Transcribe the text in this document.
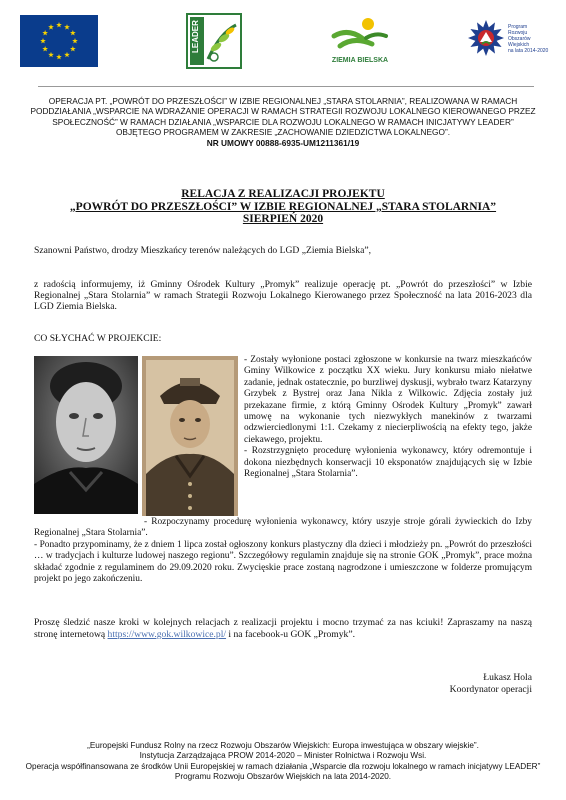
LEADER
ZIEMIA BIELSKA
Program
Rozwoju
Obszarów
Wiejskich
na lata 2014-2020
OPERACJA PT. „POWRÓT DO PRZESZŁOŚCI” W IZBIE REGIONALNEJ „STARA STOLARNIA”, REALIZOWANA W RAMACH PODDZIAŁANIA „WSPARCIE NA WDRAŻANIE OPERACJI W RAMACH STRATEGII ROZWOJU LOKALNEGO KIEROWANEGO PRZEZ SPOŁECZNOŚĆ” W RAMACH DZIAŁANIA „WSPARCIE DLA ROZWOJU LOKALNEGO W RAMACH INICJATYWY LEADER” OBJĘTEGO PROGRAMEM W ZAKRESIE „ZACHOWANIE DZIEDZICTWA LOKALNEGO”.
NR UMOWY 00888-6935-UM1211361/19
RELACJA Z REALIZACJI PROJEKTU
„POWRÓT DO PRZESZŁOŚCI” W IZBIE REGIONALNEJ „STARA STOLARNIA”
SIERPIEŃ 2020
Szanowni Państwo, drodzy Mieszkańcy terenów należących do LGD „Ziemia Bielska”,
z radością informujemy, iż Gminny Ośrodek Kultury „Promyk” realizuje operację pt. „Powrót do przeszłości” w Izbie Regionalnej „Stara Stolarnia” w ramach Strategii Rozwoju Lokalnego Kierowanego przez Społeczność na lata 2016-2023 dla LGD Ziemia Bielska.
CO SŁYCHAĆ W PROJEKCIE:
- Zostały wyłonione postaci zgłoszone w konkursie na twarz mieszkańców Gminy Wilkowice z początku XX wieku. Jury konkursu miało niełatwe zadanie, jednak ostatecznie, po burzliwej dyskusji, wybrało twarz Katarzyny Grzybek z Bystrej oraz Jana Nikla z Wilkowic. Zdjęcia zostały już przekazane firmie, z którą Gminny Ośrodek Kultury „Promyk” zawarł umowę na wykonanie tych niezwykłych manekinów z twarzami odzwierciedlonymi 1:1. Czekamy z niecierpliwością na efekty tego, jakże ciekawego, projektu.
- Rozstrzygnięto procedurę wyłonienia wykonawcy, który odremontuje i dokona niezbędnych konserwacji 10 eksponatów znajdujących się w Izbie Regionalnej „Stara Stolarnia”.
- Rozpoczynamy procedurę wyłonienia wykonawcy, który uszyje stroje górali żywieckich do Izby Regionalnej „Stara Stolarnia”.
- Ponadto przypominamy, że z dniem 1 lipca został ogłoszony konkurs plastyczny dla dzieci i młodzieży pn. „Powrót do przeszłości … w tradycjach i kulturze ludowej naszego regionu”. Szczegółowy regulamin znajduje się na stronie GOK „Promyk”, prace można składać zgodnie z regulaminem do 29.09.2020 roku. Zwycięskie prace zostaną nagrodzone i umieszczone w folderze promującym projekt po jego zakończeniu.
Proszę śledzić nasze kroki w kolejnych relacjach z realizacji projektu i mocno trzymać za nas kciuki! Zapraszamy na naszą stronę internetową https://www.gok.wilkowice.pl/ i na facebook-u GOK „Promyk”.
Łukasz Hola
Koordynator operacji
„Europejski Fundusz Rolny na rzecz Rozwoju Obszarów Wiejskich: Europa inwestująca w obszary wiejskie”.
Instytucja Zarządzająca PROW 2014-2020 – Minister Rolnictwa i Rozwoju Wsi.
Operacja współfinansowana ze środków Unii Europejskiej w ramach działania „Wsparcie dla rozwoju lokalnego w ramach inicjatywy LEADER” Programu Rozwoju Obszarów Wiejskich na lata 2014-2020.
